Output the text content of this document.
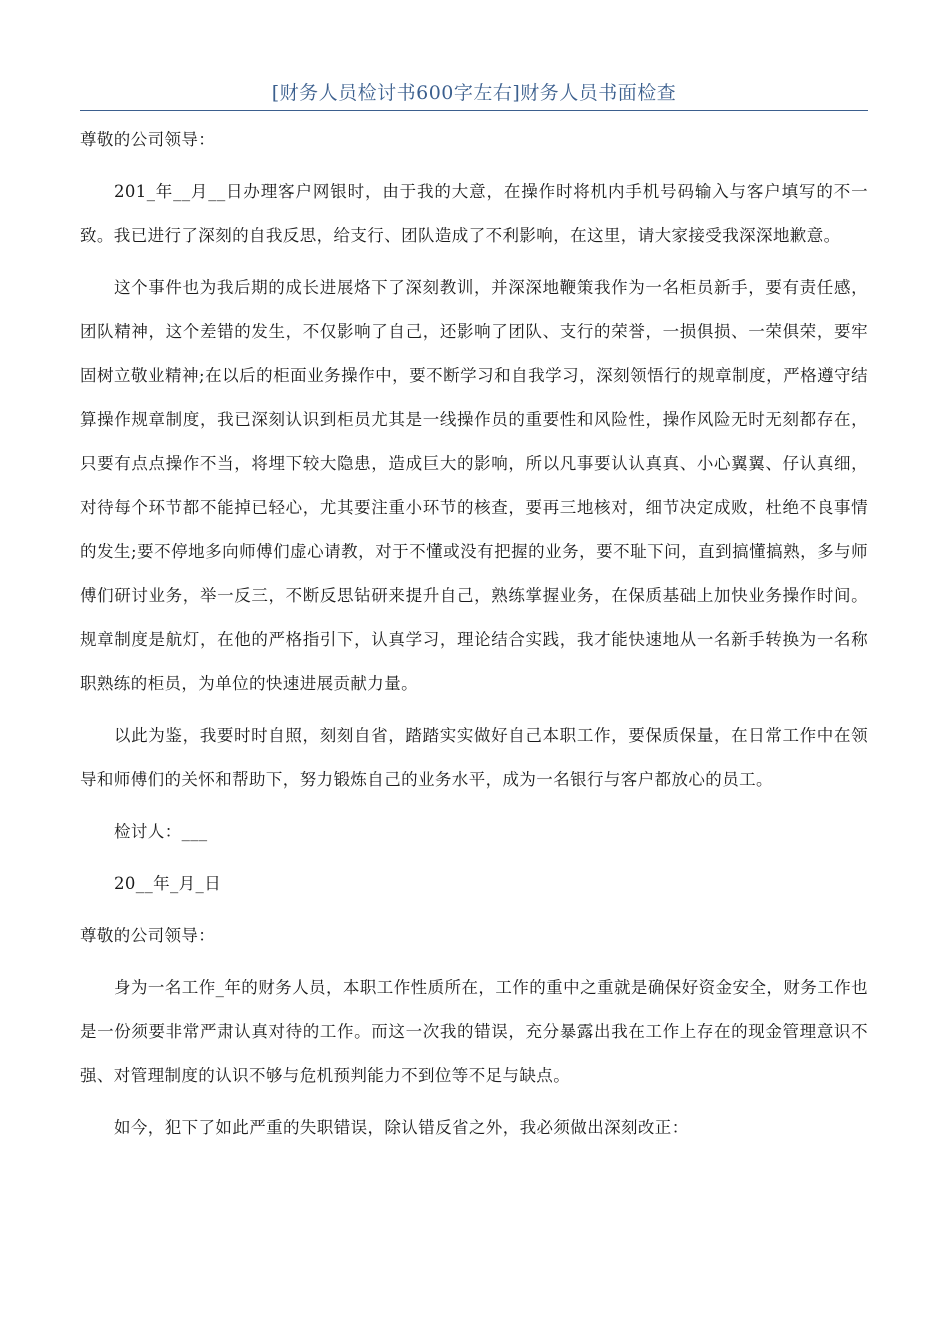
[财务人员检讨书600字左右]财务人员书面检查

尊敬的公司领导：

201_年__月__日办理客户网银时，由于我的大意，在操作时将机内手机号码输入与客户填写的不一致。我已进行了深刻的自我反思，给支行、团队造成了不利影响，在这里，请大家接受我深深地歉意。

这个事件也为我后期的成长进展烙下了深刻教训，并深深地鞭策我作为一名柜员新手，要有责任感，团队精神，这个差错的发生，不仅影响了自己，还影响了团队、支行的荣誉，一损俱损、一荣俱荣，要牢固树立敬业精神;在以后的柜面业务操作中，要不断学习和自我学习，深刻领悟行的规章制度，严格遵守结算操作规章制度，我已深刻认识到柜员尤其是一线操作员的重要性和风险性，操作风险无时无刻都存在，只要有点点操作不当，将埋下较大隐患，造成巨大的影响，所以凡事要认认真真、小心翼翼、仔认真细，对待每个环节都不能掉已轻心，尤其要注重小环节的核查，要再三地核对，细节决定成败，杜绝不良事情的发生;要不停地多向师傅们虚心请教，对于不懂或没有把握的业务，要不耻下问，直到搞懂搞熟，多与师傅们研讨业务，举一反三，不断反思钻研来提升自己，熟练掌握业务，在保质基础上加快业务操作时间。规章制度是航灯，在他的严格指引下，认真学习，理论结合实践，我才能快速地从一名新手转换为一名称职熟练的柜员，为单位的快速进展贡献力量。

以此为鉴，我要时时自照，刻刻自省，踏踏实实做好自己本职工作，要保质保量，在日常工作中在领导和师傅们的关怀和帮助下，努力锻炼自己的业务水平，成为一名银行与客户都放心的员工。

检讨人：___

20__年_月_日

尊敬的公司领导：

身为一名工作_年的财务人员，本职工作性质所在，工作的重中之重就是确保好资金安全，财务工作也是一份须要非常严肃认真对待的工作。而这一次我的错误，充分暴露出我在工作上存在的现金管理意识不强、对管理制度的认识不够与危机预判能力不到位等不足与缺点。

如今，犯下了如此严重的失职错误，除认错反省之外，我必须做出深刻改正：
